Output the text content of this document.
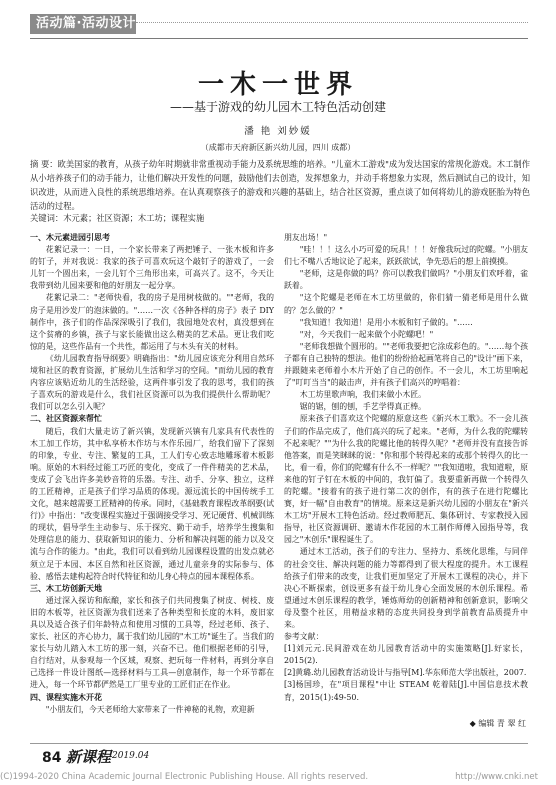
活动篇·活动设计
一木一世界
——基于游戏的幼儿园木工特色活动创建
潘 艳 刘妙媛
（成都市天府新区新兴幼儿园，四川 成都）
摘 要：欧美国家的教育，从孩子幼年时期就非常重视动手能力及系统思维的培养。"儿童木工游戏"成为发达国家的常规化游戏。木工制作从小培养孩子们的动手能力，让他们解决开发性的问题，鼓励他们去创造，发挥想象力，并动手将想象力实现，然后测试自己的设计，知识改进，从而进入良性的系统思维培养。在认真观察孩子的游戏和兴趣的基础上，结合社区资源，重点谈了如何将幼儿的游戏胚胎为特色活动的过程。
关键词：木元素；社区资源；木工坊；课程实施

一、木元素进园引思考

花絮记录一：一日，一个家长带来了两把锤子、一张木板和许多的钉子，并对我说：我家的孩子可喜欢玩这个敲钉子的游戏了，一会儿钉一个圆出来，一会儿钉个三角形出来，可高兴了。这不，今天让我带到幼儿园来要和他的好朋友一起分享。

花絮记录二："老师快看，我的房子是用树枝做的。""老师，我的房子是用沙发厂的泡沫做的。"……一次《各种各样的房子》表子 DIY 制作中，孩子们的作品深深吸引了我们，我园地处农村，真没想到在这个贫瘠的乡镇，孩子与家长能做出这么精美的艺术品。更让我们吃惊的是，这些作品有一个共性，都运用了与木头有关的材料。

《幼儿园教育指导纲要》明确指出："幼儿园应该充分利用自然环境和社区的教育资源，扩展幼儿生活和学习的空间。"而幼儿园的教育内容应该贴近幼儿的生活经验，这两件事引发了我的思考，我们的孩子喜欢玩的游戏是什么，我们社区资源可以为我们提供什么帮助呢？我们可以怎么引入呢？

二、社区资源来帮忙

随后，我们大量走访了新兴镇，发现新兴镇有几家具有代表性的木工加工作坊，其中私享桥木作坊与木作乐园厂，给我们留下了深刻的印象，专业、专注、繁复的工具，工人们专心致志地雕琢着木板影响。原始的木料经过能工巧匠的变化，变成了一件件精美的艺术品，变成了会飞出许多美妙音符的乐器。专注、动手、分享、独立，这样的工匠精神，正是孩子们学习品质的体现。源远流长的中国传统手工文化，越来越需要工匠精神的传承。同时，《基础教育课程改革纲要(试行)》中指出："改变课程实施过于强调接受学习、死记硬背、机械训练的现状，倡导学生主动参与、乐于探究、勤于动手，培养学生搜集和处理信息的能力、获取新知识的能力、分析和解决问题的能力以及交流与合作的能力。"由此，我们可以看到幼儿园课程设置的出发点就必须立足于本园、本区自然和社区资源，通过儿童亲身的实际参与、体验、感悟去建构起符合时代特征和幼儿身心特点的园本课程体系。

三、木工坊创新天地

通过深入探访和酝酿，家长和孩子们共同搜集了树皮、树枝、废旧的木板等，社区资源为我们送来了各种类型和长度的木料，废旧家具以及适合孩子们年龄特点和使用习惯的工具等，经过老师、孩子、家长、社区的齐心协力，属于我们幼儿园的"木工坊"诞生了。当我们的家长与幼儿踏入木工坊的那一刻，兴奋不已。他们根据老师的引导，自行结对，从参观每一个区域，观察、把玩每一件材料，再到分享自己选择一件设计图纸—选择材料与工具—创意制作，每一个环节都在进入，每一个环节都俨然是工厂里专业的工匠们正在作业。

四、课程实施木开花

"小朋友们，今天老师给大家带来了一件神秘的礼物，欢迎新

朋友出场！"

"哇！！！这么小巧可爱的玩具！！！好像我玩过的陀螺。"小朋友们七不嘴八舌地议论了起来，跃跃欲试，争先恐后的想上前摸摸。

"老师，这是你做的吗？你可以教我们做吗？"小朋友们欢呼着，雀跃着。

"这个陀螺是老师在木工坊里做的，你们猜一猜老师是用什么做的？怎么做的？"

"我知道！我知道！是用小木板和钉子做的。"……

"对，今天我们一起来做个小陀螺吧！"

"老师我想做个圆形的。""老师我要把它涂成彩色的。"……每个孩子都有自己独特的想法。他们的纷纷拾起画笔将自己的"设计"画下来，并跟随来老师着小木片开始了自己的创作。不一会儿，木工坊里响起了"叮叮当当"的敲击声，并有孩子们高兴的哼唱着：

木工坊里歌声响，我们来做小木匠。

锯的锯，刨的刨，手艺学得真正棒。

原来孩子们喜欢这个陀螺的原意这些《新兴木工歌》。不一会儿孩子们的作品完成了，他们高兴的玩了起来。"老师，为什么我的陀螺转不起来呢？""为什么我的陀螺比他的转得久呢？"老师并没有直接告诉他答案，而是笑眯眯的说："你和那个转得起来的或那个转得久的比一比，看一看，你们的陀螺有什么不一样呢？""我知道啦，我知道啦，原来他的钉子钉在木板的中间的，我钉偏了。我要重新再做一个转得久的陀螺。"接着有的孩子进行第二次的创作，有的孩子在进行陀螺比赛，好一幅"自由教育"的情境。原来这是新兴幼儿园的小朋友在"新兴木工坊"开展木工特色活动。经过教师肥瓦、集体研讨、专家教授入园指导，社区资源调研、邀请木作花园的木工制作师傅入园指导等，我园之"木创乐"课程诞生了。

通过木工活动，孩子们的专注力、坚持力、系统化思维，与同伴的社会交往、解决问题的能力等都得到了很大程度的提升。木工课程给孩子们带来的改变，让我们更加坚定了开展木工课程的决心，并下决心不断探索，创设更多有益于幼儿身心全面发展的木创乐课程。希望通过木创乐课程的教学，锤炼师幼的创新精神和创新意识，影响父母及整个社区，用精益求精的态度共同投身到学前教育品质提升中来。

参考文献：

[1]刘元元.民间游戏在幼儿园教育活动中的实施策略[J].好家长，2015(2).

[2]黄璐.幼儿园教育活动设计与指导[M].华东师范大学出版社，2007.

[3]杨国珍，在"项目课程"中让 STEAM 乾着陆[J].中国信息技术教育，2015(1):49-50.

◆ 编辑 青 翠 红
84 新课程 2019.04
(C)1994-2020 China Academic Journal Electronic Publishing House. All rights reserved.	http://www.cnki.net
